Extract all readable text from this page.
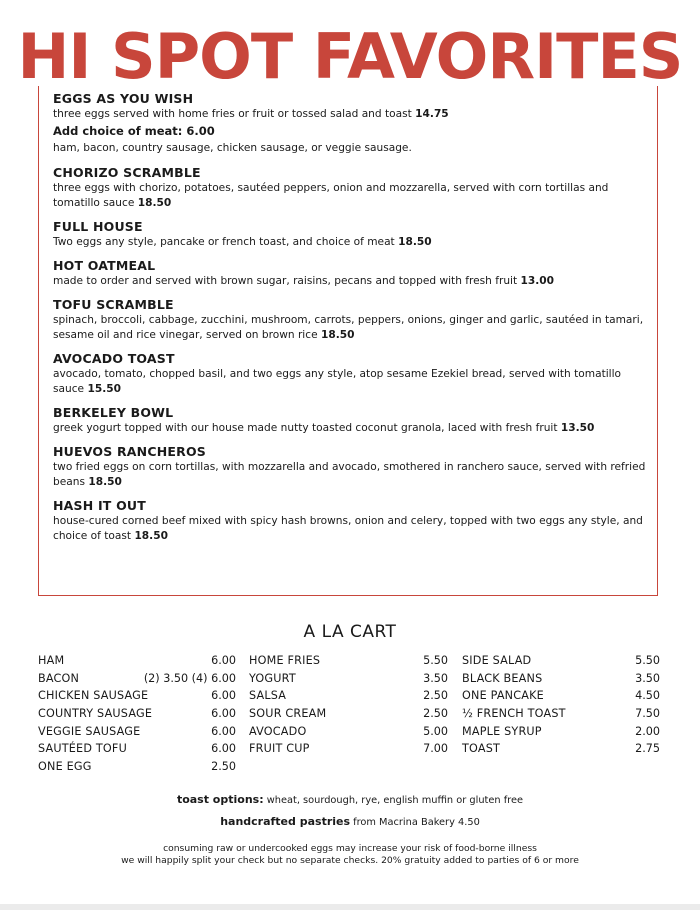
HI SPOT FAVORITES
EGGS AS YOU WISH
three eggs served with home fries or fruit or tossed salad and toast 14.75
Add choice of meat: 6.00
ham, bacon, country sausage, chicken sausage, or veggie sausage.
CHORIZO SCRAMBLE
three eggs with chorizo, potatoes, sautéed peppers, onion and mozzarella, served with corn tortillas and tomatillo sauce 18.50
FULL HOUSE
Two eggs any style, pancake or french toast, and choice of meat 18.50
HOT OATMEAL
made to order and served with brown sugar, raisins, pecans and topped with fresh fruit 13.00
TOFU SCRAMBLE
spinach, broccoli, cabbage, zucchini, mushroom, carrots, peppers, onions, ginger and garlic, sautéed in tamari, sesame oil and rice vinegar, served on brown rice 18.50
AVOCADO TOAST
avocado, tomato, chopped basil, and two eggs any style, atop sesame Ezekiel bread, served with tomatillo sauce 15.50
BERKELEY BOWL
greek yogurt topped with our house made nutty toasted coconut granola, laced with fresh fruit 13.50
HUEVOS RANCHEROS
two fried eggs on corn tortillas, with mozzarella and avocado, smothered in ranchero sauce, served with refried beans 18.50
HASH IT OUT
house-cured corned beef mixed with spicy hash browns, onion and celery, topped with two eggs any style, and choice of toast 18.50
A LA CART
HAM	6.00
BACON	(2) 3.50 (4) 6.00
CHICKEN SAUSAGE	6.00
COUNTRY SAUSAGE	6.00
VEGGIE SAUSAGE	6.00
SAUTÉED TOFU	6.00
ONE EGG	2.50
HOME FRIES	5.50
YOGURT	3.50
SALSA	2.50
SOUR CREAM	2.50
AVOCADO	5.00
FRUIT CUP	7.00
SIDE SALAD	5.50
BLACK BEANS	3.50
ONE PANCAKE	4.50
½ FRENCH TOAST	7.50
MAPLE SYRUP	2.00
TOAST	2.75
toast options: wheat, sourdough, rye, english muffin or gluten free
handcrafted pastries from Macrina Bakery 4.50
consuming raw or undercooked eggs may increase your risk of food-borne illness
we will happily split your check but no separate checks. 20% gratuity added to parties of 6 or more
